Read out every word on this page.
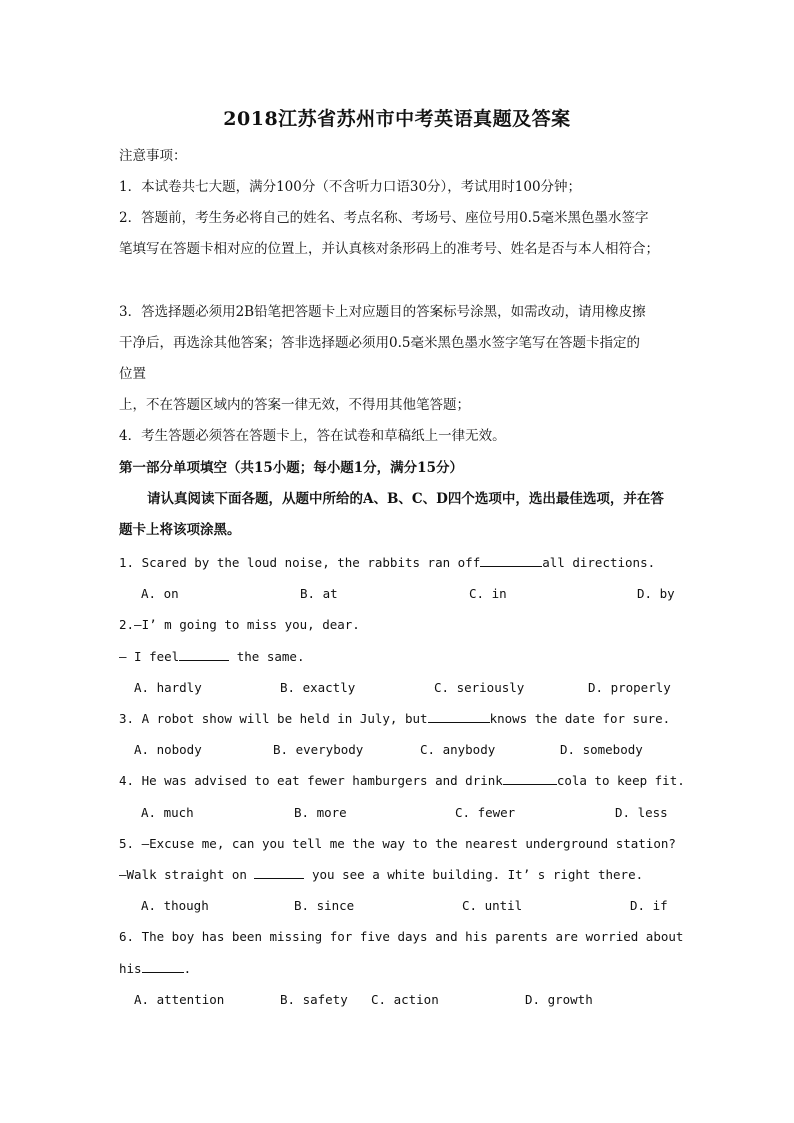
2018江苏省苏州市中考英语真题及答案
注意事项：
1．本试卷共七大题，满分100分（不含听力口语30分），考试用时100分钟；
2．答题前，考生务必将自己的姓名、考点名称、考场号、座位号用0.5毫米黑色墨水签字
笔填写在答题卡相对应的位置上，并认真核对条形码上的准考号、姓名是否与本人相符合；
3．答选择题必须用2B铅笔把答题卡上对应题目的答案标号涂黑，如需改动，请用橡皮擦
干净后，再选涂其他答案；答非选择题必须用0.5毫米黑色墨水签字笔写在答题卡指定的
位置
上，不在答题区域内的答案一律无效，不得用其他笔答题；
4．考生答题必须答在答题卡上，答在试卷和草稿纸上一律无效。
第一部分单项填空（共15小题；每小题1分，满分15分）
请认真阅读下面各题，从题中所给的A、B、C、D四个选项中，选出最佳选项，并在答
题卡上将该项涂黑。
1. Scared by the loud noise, the rabbits ran off	all directions.
A. on	B. at	C. in	D. by
2.—I’ m going to miss you, dear.
— I feel	the same.
A. hardly	B. exactly	C. seriously	D. properly
3. A robot show will be held in July, but	knows the date for sure.
A. nobody	B. everybody	C. anybody	D. somebody
4. He was advised to eat fewer hamburgers and drink	cola to keep fit.
A. much	B. more	C. fewer	D. less
5. —Excuse me, can you tell me the way to the nearest underground station?
—Walk straight on	you see a white building. It’ s right there.
A. though	B. since	C. until	D. if
6. The boy has been missing for five days and his parents are worried about
his	.
A. attention	B. safety C. action	D. growth
